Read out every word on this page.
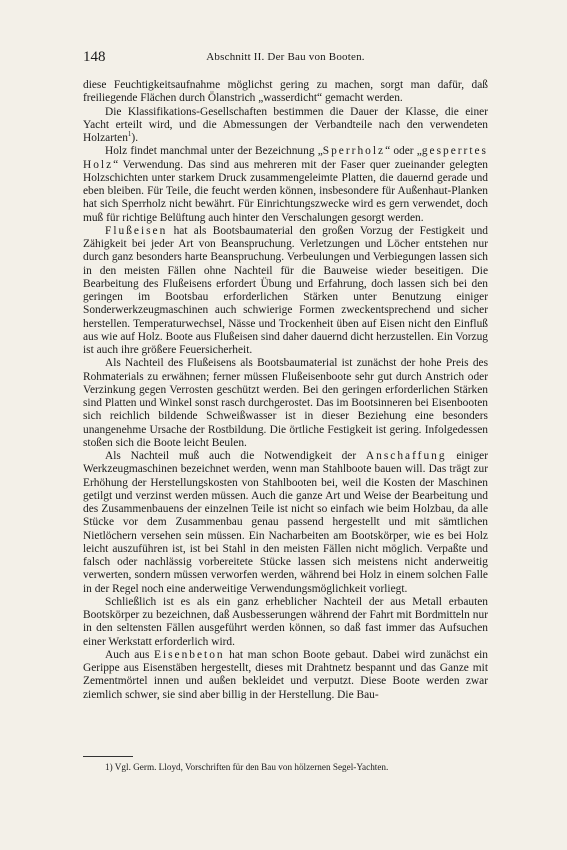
148	Abschnitt II. Der Bau von Booten.

diese Feuchtigkeitsaufnahme möglichst gering zu machen, sorgt man dafür, daß freiliegende Flächen durch Ölanstrich „wasserdicht“ gemacht werden.

Die Klassifikations-Gesellschaften bestimmen die Dauer der Klasse, die einer Yacht erteilt wird, und die Abmessungen der Verbandteile nach den verwendeten Holzarten$^1$).

Holz findet manchmal unter der Bezeichnung „Sperrholz“ oder „gesperrtes Holz“ Verwendung. Das sind aus mehreren mit der Faser quer zueinander gelegten Holzschichten unter starkem Druck zusammengeleimte Platten, die dauernd gerade und eben bleiben. Für Teile, die feucht werden können, insbesondere für Außenhaut-Planken hat sich Sperrholz nicht bewährt. Für Einrichtungszwecke wird es gern verwendet, doch muß für richtige Belüftung auch hinter den Verschalungen gesorgt werden.

Flußeisen hat als Bootsbaumaterial den großen Vorzug der Festigkeit und Zähigkeit bei jeder Art von Beanspruchung. Verletzungen und Löcher entstehen nur durch ganz besonders harte Beanspruchung. Verbeulungen und Verbiegungen lassen sich in den meisten Fällen ohne Nachteil für die Bauweise wieder beseitigen. Die Bearbeitung des Flußeisens erfordert Übung und Erfahrung, doch lassen sich bei den geringen im Bootsbau erforderlichen Stärken unter Benutzung einiger Sonderwerkzeugmaschinen auch schwierige Formen zweckentsprechend und sicher herstellen. Temperaturwechsel, Nässe und Trockenheit üben auf Eisen nicht den Einfluß aus wie auf Holz. Boote aus Flußeisen sind daher dauernd dicht herzustellen. Ein Vorzug ist auch ihre größere Feuersicherheit.

Als Nachteil des Flußeisens als Bootsbaumaterial ist zunächst der hohe Preis des Rohmaterials zu erwähnen; ferner müssen Flußeisenboote sehr gut durch Anstrich oder Verzinkung gegen Verrosten geschützt werden. Bei den geringen erforderlichen Stärken sind Platten und Winkel sonst rasch durchgerostet. Das im Bootsinneren bei Eisenbooten sich reichlich bildende Schweißwasser ist in dieser Beziehung eine besonders unangenehme Ursache der Rostbildung. Die örtliche Festigkeit ist gering. Infolgedessen stoßen sich die Boote leicht Beulen.

Als Nachteil muß auch die Notwendigkeit der Anschaffung einiger Werkzeugmaschinen bezeichnet werden, wenn man Stahlboote bauen will. Das trägt zur Erhöhung der Herstellungskosten von Stahlbooten bei, weil die Kosten der Maschinen getilgt und verzinst werden müssen. Auch die ganze Art und Weise der Bearbeitung und des Zusammenbauens der einzelnen Teile ist nicht so einfach wie beim Holzbau, da alle Stücke vor dem Zusammenbau genau passend hergestellt und mit sämtlichen Nietlöchern versehen sein müssen. Ein Nacharbeiten am Bootskörper, wie es bei Holz leicht auszuführen ist, ist bei Stahl in den meisten Fällen nicht möglich. Verpaßte und falsch oder nachlässig vorbereitete Stücke lassen sich meistens nicht anderweitig verwerten, sondern müssen verworfen werden, während bei Holz in einem solchen Falle in der Regel noch eine anderweitige Verwendungsmöglichkeit vorliegt.

Schließlich ist es als ein ganz erheblicher Nachteil der aus Metall erbauten Bootskörper zu bezeichnen, daß Ausbesserungen während der Fahrt mit Bordmitteln nur in den seltensten Fällen ausgeführt werden können, so daß fast immer das Aufsuchen einer Werkstatt erforderlich wird.

Auch aus Eisenbeton hat man schon Boote gebaut. Dabei wird zunächst ein Gerippe aus Eisenstäben hergestellt, dieses mit Drahtnetz bespannt und das Ganze mit Zementmörtel innen und außen bekleidet und verputzt. Diese Boote werden zwar ziemlich schwer, sie sind aber billig in der Herstellung. Die Bau-

1) Vgl. Germ. Lloyd, Vorschriften für den Bau von hölzernen Segel-Yachten.
